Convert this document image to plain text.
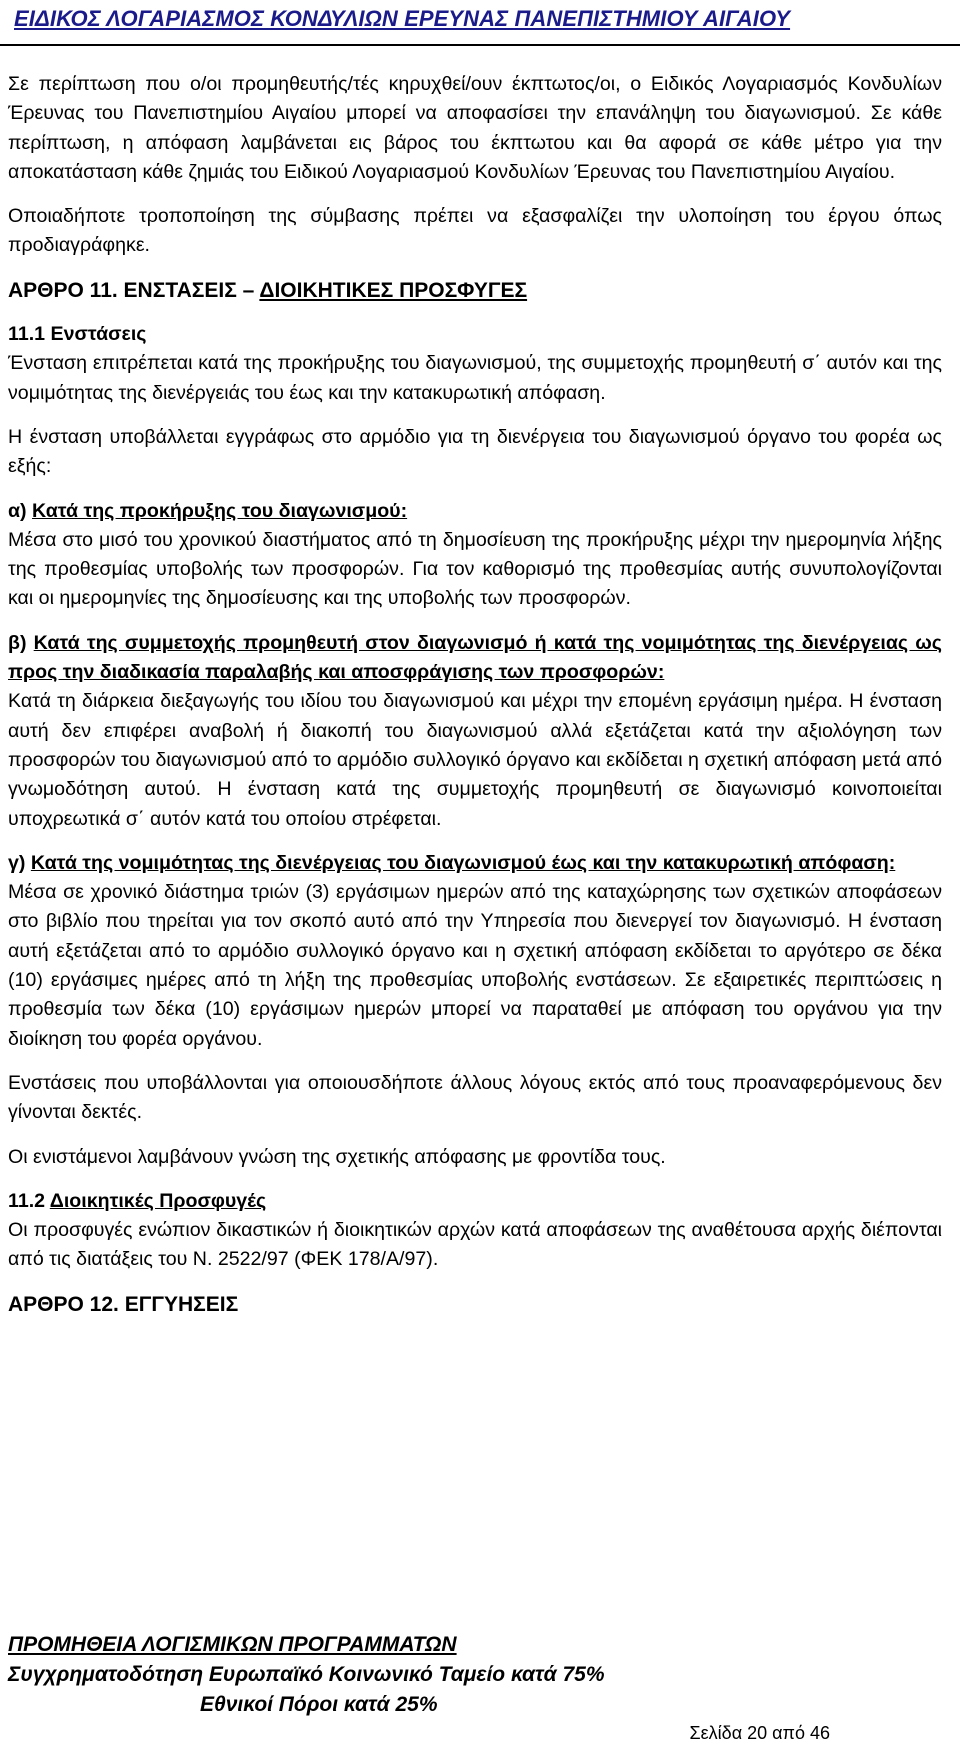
ΕΙΔΙΚΟΣ ΛΟΓΑΡΙΑΣΜΟΣ ΚΟΝΔΥΛΙΩΝ ΕΡΕΥΝΑΣ ΠΑΝΕΠΙΣΤΗΜΙΟΥ ΑΙΓΑΙΟΥ

Σε περίπτωση που ο/οι προμηθευτής/τές κηρυχθεί/ουν έκπτωτος/οι, ο Ειδικός Λογαριασμός Κονδυλίων Έρευνας του Πανεπιστημίου Αιγαίου μπορεί να αποφασίσει την επανάληψη του διαγωνισμού. Σε κάθε περίπτωση, η απόφαση λαμβάνεται εις βάρος του έκπτωτου και θα αφορά σε κάθε μέτρο για την αποκατάσταση κάθε ζημιάς του Ειδικού Λογαριασμού Κονδυλίων Έρευνας του Πανεπιστημίου Αιγαίου.

Οποιαδήποτε τροποποίηση της σύμβασης πρέπει να εξασφαλίζει την υλοποίηση του έργου όπως προδιαγράφηκε.

ΑΡΘΡΟ 11. ΕΝΣΤΑΣΕΙΣ – ΔΙΟΙΚΗΤΙΚΕΣ ΠΡΟΣΦΥΓΕΣ

11.1 Ενστάσεις

Ένσταση επιτρέπεται κατά της προκήρυξης του διαγωνισμού, της συμμετοχής προμηθευτή σ΄ αυτόν και της νομιμότητας της διενέργειάς του έως και την κατακυρωτική απόφαση.

Η ένσταση υποβάλλεται εγγράφως στο αρμόδιο για τη διενέργεια του διαγωνισμού όργανο του φορέα ως εξής:

α) Κατά της προκήρυξης του διαγωνισμού:

Μέσα στο μισό του χρονικού διαστήματος από τη δημοσίευση της προκήρυξης μέχρι την ημερομηνία λήξης της προθεσμίας υποβολής των προσφορών. Για τον καθορισμό της προθεσμίας αυτής συνυπολογίζονται και οι ημερομηνίες της δημοσίευσης και της υποβολής των προσφορών.

β) Κατά της συμμετοχής προμηθευτή στον διαγωνισμό ή κατά της νομιμότητας της διενέργειας ως προς την διαδικασία παραλαβής και αποσφράγισης των προσφορών:

Κατά τη διάρκεια διεξαγωγής του ιδίου του διαγωνισμού και μέχρι την επομένη εργάσιμη ημέρα. Η ένσταση αυτή δεν επιφέρει αναβολή ή διακοπή του διαγωνισμού αλλά εξετάζεται κατά την αξιολόγηση των προσφορών του διαγωνισμού από το αρμόδιο συλλογικό όργανο και εκδίδεται η σχετική απόφαση μετά από γνωμοδότηση αυτού. Η ένσταση κατά της συμμετοχής προμηθευτή σε διαγωνισμό κοινοποιείται υποχρεωτικά σ΄ αυτόν κατά του οποίου στρέφεται.

γ) Κατά της νομιμότητας της διενέργειας του διαγωνισμού έως και την κατακυρωτική απόφαση:

Μέσα σε χρονικό διάστημα τριών (3) εργάσιμων ημερών από της καταχώρησης των σχετικών αποφάσεων στο βιβλίο που τηρείται για τον σκοπό αυτό από την Υπηρεσία που διενεργεί τον διαγωνισμό. Η ένσταση αυτή εξετάζεται από το αρμόδιο συλλογικό όργανο και η σχετική απόφαση εκδίδεται το αργότερο σε δέκα (10) εργάσιμες ημέρες από τη λήξη της προθεσμίας υποβολής ενστάσεων. Σε εξαιρετικές περιπτώσεις η προθεσμία των δέκα (10) εργάσιμων ημερών μπορεί να παραταθεί με απόφαση του οργάνου για την διοίκηση του φορέα οργάνου.

Ενστάσεις που υποβάλλονται για οποιουσδήποτε άλλους λόγους εκτός από τους προαναφερόμενους δεν γίνονται δεκτές.

Οι ενιστάμενοι λαμβάνουν γνώση της σχετικής απόφασης με φροντίδα τους.

11.2 Διοικητικές Προσφυγές

Οι προσφυγές ενώπιον δικαστικών ή διοικητικών αρχών κατά αποφάσεων της αναθέτουσα αρχής διέπονται από τις διατάξεις του Ν. 2522/97 (ΦΕΚ 178/Α/97).

ΑΡΘΡΟ 12. ΕΓΓΥΗΣΕΙΣ

ΠΡΟΜΗΘΕΙΑ ΛΟΓΙΣΜΙΚΩΝ ΠΡΟΓΡΑΜΜΑΤΩΝ
Συγχρηματοδότηση Ευρωπαϊκό Κοινωνικό Ταμείο κατά 75%
Εθνικοί Πόροι κατά 25%
Σελίδα 20 από 46
